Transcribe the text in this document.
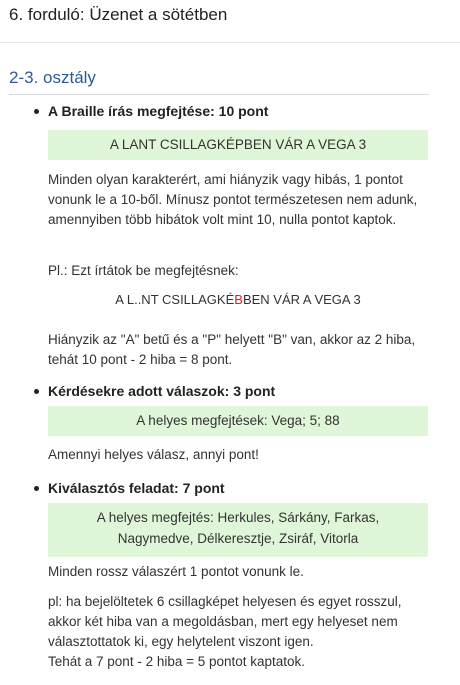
6. forduló: Üzenet a sötétben
2-3. osztály
A Braille írás megfejtése: 10 pont
A LANT CSILLAGKÉPBEN VÁR A VEGA 3
Minden olyan karakterért, ami hiányzik vagy hibás, 1 pontot vonunk le a 10-ből. Mínusz pontot természetesen nem adunk, amennyiben több hibátok volt mint 10, nulla pontot kaptok.
Pl.: Ezt írtátok be megfejtésnek:
A L..NT CSILLAGKÉBBEN VÁR A VEGA 3
Hiányzik az "A" betű és a "P" helyett "B" van, akkor az 2 hiba, tehát 10 pont - 2 hiba = 8 pont.
Kérdésekre adott válaszok: 3 pont
A helyes megfejtések: Vega; 5; 88
Amennyi helyes válasz, annyi pont!
Kiválasztós feladat: 7 pont
A helyes megfejtés: Herkules, Sárkány, Farkas, Nagymedve, Délkeresztje, Zsiráf, Vitorla
Minden rossz válaszért 1 pontot vonunk le.
pl: ha bejelöltetek 6 csillagképet helyesen és egyet rosszul, akkor két hiba van a megoldásban, mert egy helyeset nem választottatok ki, egy helytelent viszont igen.
Tehát a 7 pont - 2 hiba = 5 pontot kaptatok.
